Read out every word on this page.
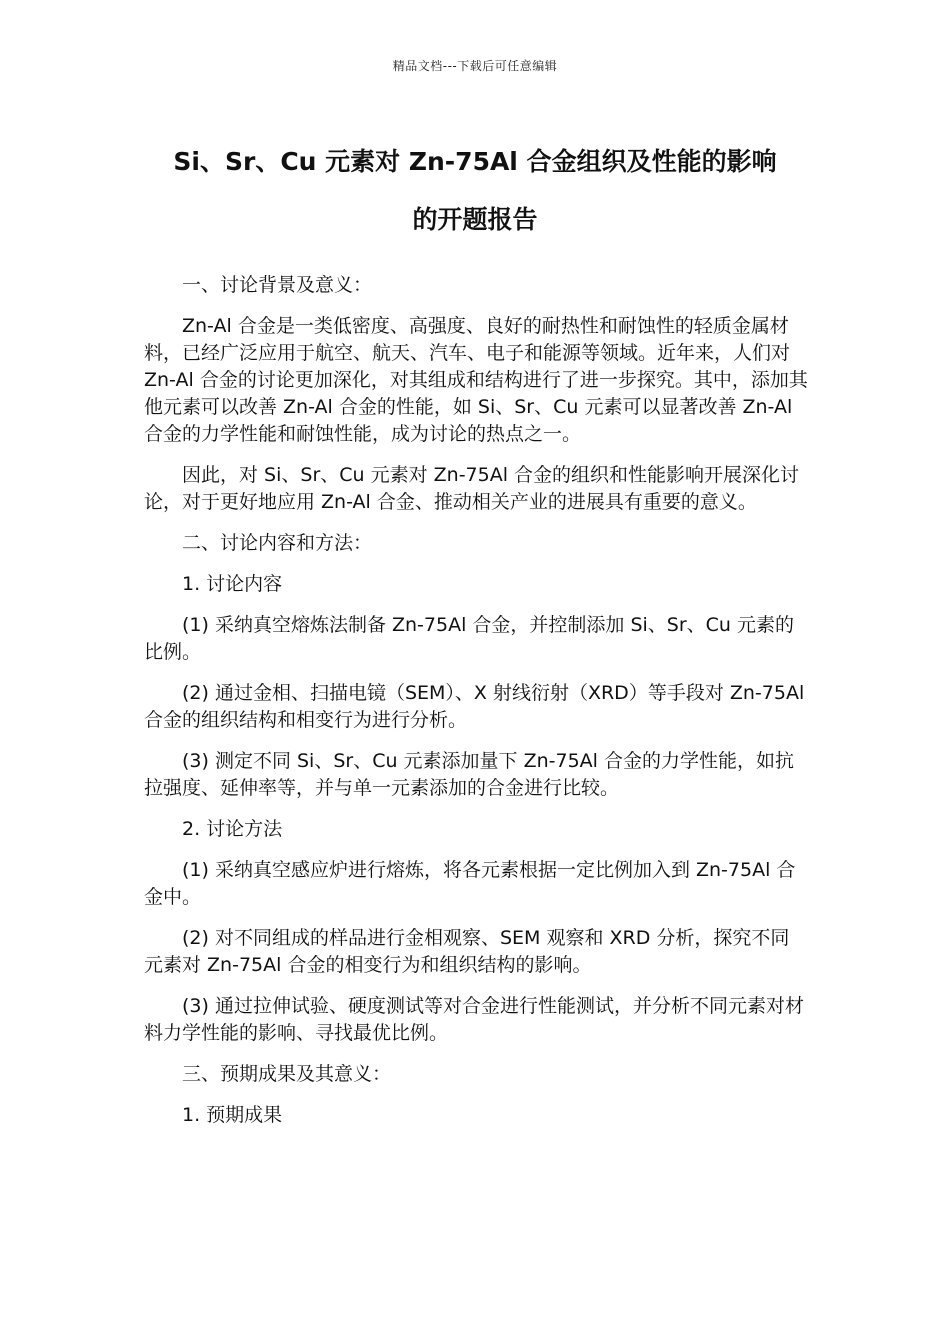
精品文档---下载后可任意编辑
Si、Sr、Cu 元素对 Zn-75Al 合金组织及性能的影响
的开题报告

一、讨论背景及意义：

Zn-Al 合金是一类低密度、高强度、良好的耐热性和耐蚀性的轻质金属材料，已经广泛应用于航空、航天、汽车、电子和能源等领域。近年来，人们对 Zn-Al 合金的讨论更加深化，对其组成和结构进行了进一步探究。其中，添加其他元素可以改善 Zn-Al 合金的性能，如 Si、Sr、Cu 元素可以显著改善 Zn-Al 合金的力学性能和耐蚀性能，成为讨论的热点之一。

因此，对 Si、Sr、Cu 元素对 Zn-75Al 合金的组织和性能影响开展深化讨论，对于更好地应用 Zn-Al 合金、推动相关产业的进展具有重要的意义。

二、讨论内容和方法：

1. 讨论内容

(1) 采纳真空熔炼法制备 Zn-75Al 合金，并控制添加 Si、Sr、Cu 元素的比例。

(2) 通过金相、扫描电镜（SEM）、X 射线衍射（XRD）等手段对 Zn-75Al 合金的组织结构和相变行为进行分析。

(3) 测定不同 Si、Sr、Cu 元素添加量下 Zn-75Al 合金的力学性能，如抗拉强度、延伸率等，并与单一元素添加的合金进行比较。

2. 讨论方法

(1) 采纳真空感应炉进行熔炼，将各元素根据一定比例加入到 Zn-75Al 合金中。

(2) 对不同组成的样品进行金相观察、SEM 观察和 XRD 分析，探究不同元素对 Zn-75Al 合金的相变行为和组织结构的影响。

(3) 通过拉伸试验、硬度测试等对合金进行性能测试，并分析不同元素对材料力学性能的影响、寻找最优比例。

三、预期成果及其意义：

1. 预期成果
